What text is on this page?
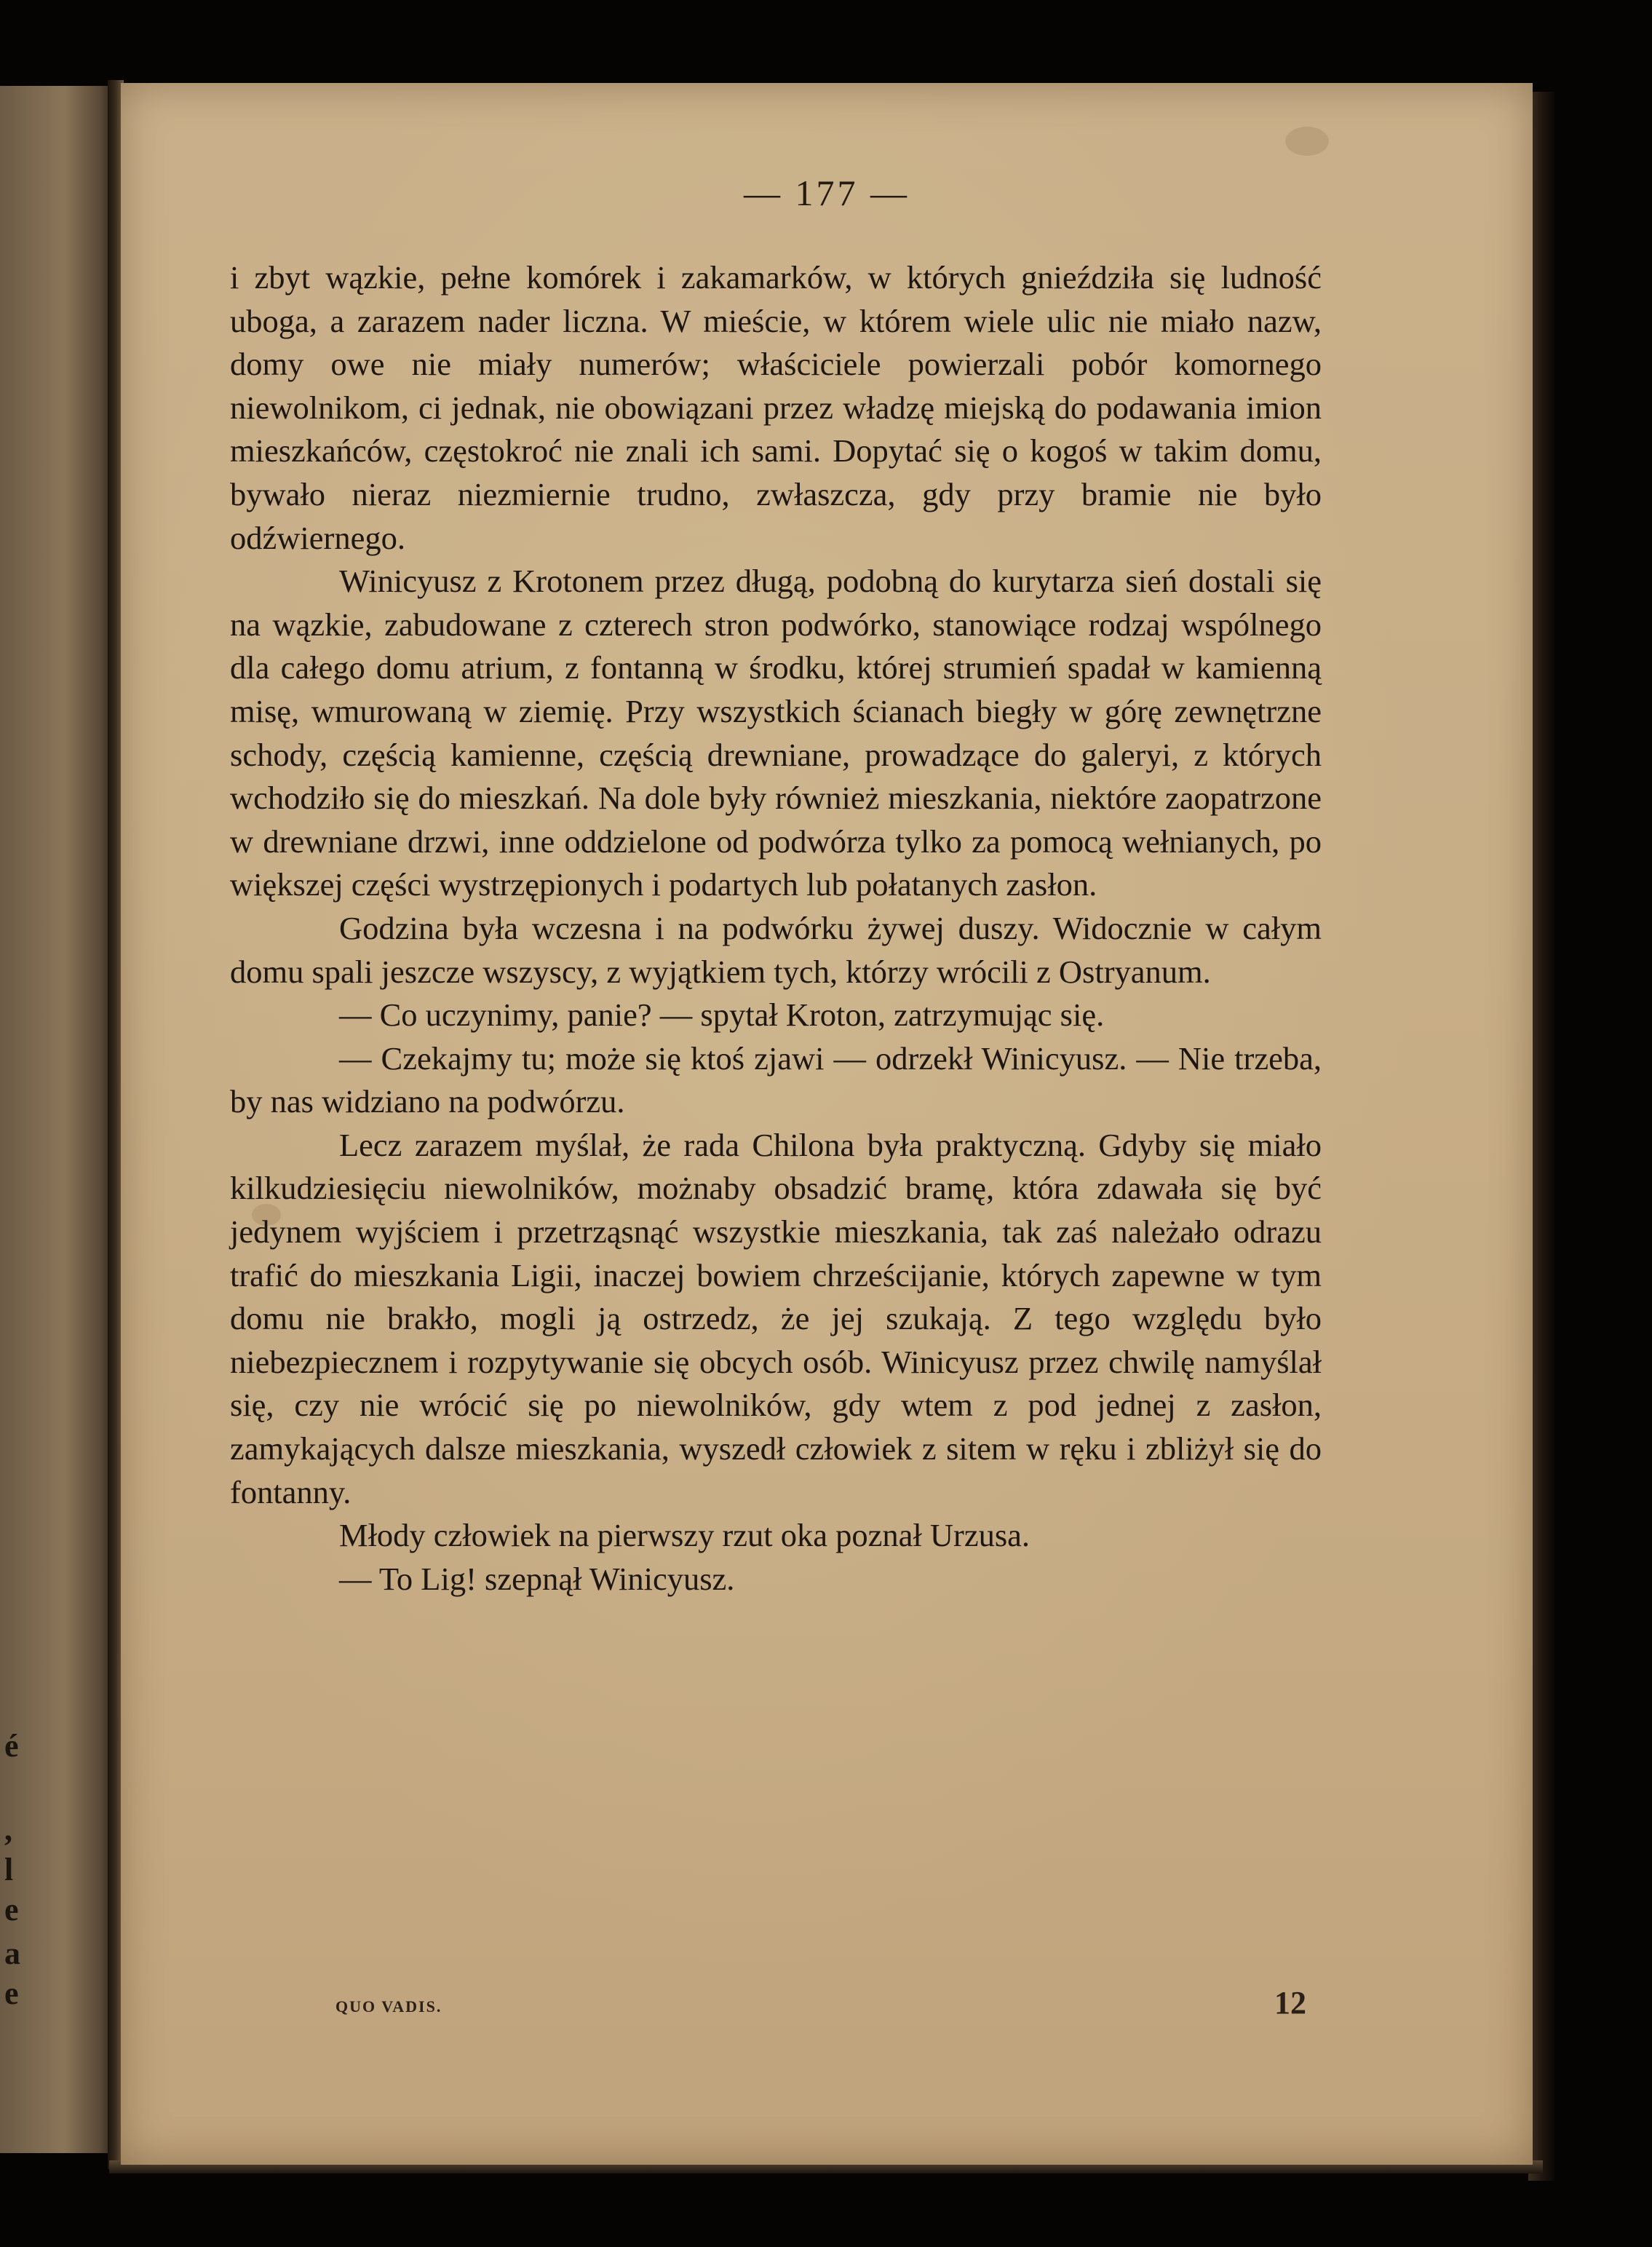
é
,
l
e
a
e
— 177 —

i zbyt wązkie, pełne komórek i zakamarków, w których gnieździła się ludność uboga, a zarazem nader liczna. W mieście, w którem wiele ulic nie miało nazw, domy owe nie miały numerów; właściciele powierzali pobór komornego niewolnikom, ci jednak, nie obowiązani przez władzę miejską do podawania imion mieszkańców, częstokroć nie znali ich sami. Dopytać się o kogoś w takim domu, bywało nieraz niezmiernie trudno, zwłaszcza, gdy przy bramie nie było odźwiernego.

Winicyusz z Krotonem przez długą, podobną do kurytarza sień dostali się na wązkie, zabudowane z czterech stron podwórko, stanowiące rodzaj wspólnego dla całego domu atrium, z fontanną w środku, której strumień spadał w kamienną misę, wmurowaną w ziemię. Przy wszystkich ścianach biegły w górę zewnętrzne schody, częścią kamienne, częścią drewniane, prowadzące do galeryi, z których wchodziło się do mieszkań. Na dole były również mieszkania, niektóre zaopatrzone w drewniane drzwi, inne oddzielone od podwórza tylko za pomocą wełnianych, po większej części wystrzępionych i podartych lub połatanych zasłon.

Godzina była wczesna i na podwórku żywej duszy. Widocznie w całym domu spali jeszcze wszyscy, z wyjątkiem tych, którzy wrócili z Ostryanum.

— Co uczynimy, panie? — spytał Kroton, zatrzymując się.

— Czekajmy tu; może się ktoś zjawi — odrzekł Winicyusz. — Nie trzeba, by nas widziano na podwórzu.

Lecz zarazem myślał, że rada Chilona była praktyczną. Gdyby się miało kilkudziesięciu niewolników, możnaby obsadzić bramę, która zdawała się być jedynem wyjściem i przetrząsnąć wszystkie mieszkania, tak zaś należało odrazu trafić do mieszkania Ligii, inaczej bowiem chrześcijanie, których zapewne w tym domu nie brakło, mogli ją ostrzedz, że jej szukają. Z tego względu było niebezpiecznem i rozpytywanie się obcych osób. Winicyusz przez chwilę namyślał się, czy nie wrócić się po niewolników, gdy wtem z pod jednej z zasłon, zamykających dalsze mieszkania, wyszedł człowiek z sitem w ręku i zbliżył się do fontanny.

Młody człowiek na pierwszy rzut oka poznał Urzusa.

— To Lig! szepnął Winicyusz.

QUO VADIS.	12
